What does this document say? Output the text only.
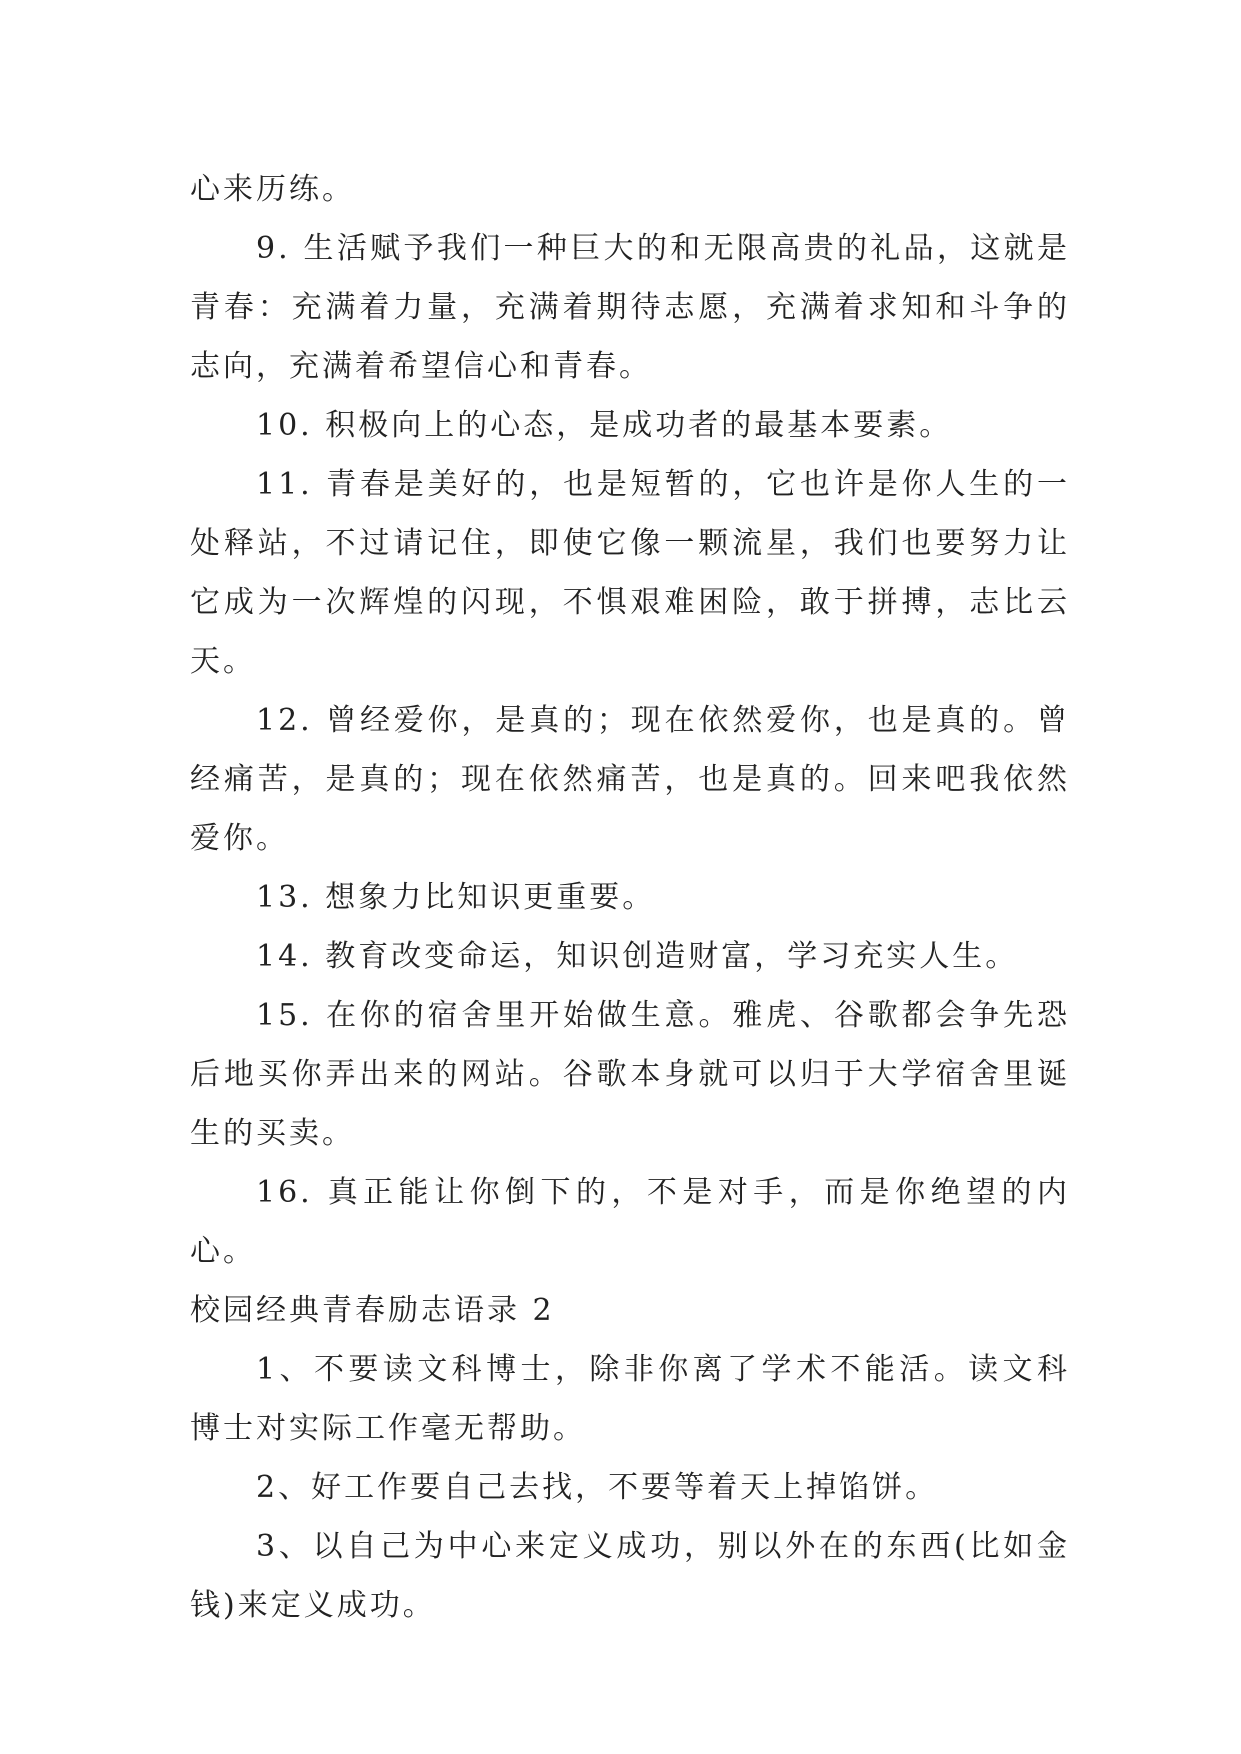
心来历练。

9. 生活赋予我们一种巨大的和无限高贵的礼品，这就是青春：充满着力量，充满着期待志愿，充满着求知和斗争的志向，充满着希望信心和青春。

10. 积极向上的心态，是成功者的最基本要素。

11. 青春是美好的，也是短暂的，它也许是你人生的一处释站，不过请记住，即使它像一颗流星，我们也要努力让它成为一次辉煌的闪现，不惧艰难困险，敢于拼搏，志比云天。

12. 曾经爱你，是真的；现在依然爱你，也是真的。曾经痛苦，是真的；现在依然痛苦，也是真的。回来吧我依然爱你。

13. 想象力比知识更重要。

14. 教育改变命运，知识创造财富，学习充实人生。

15. 在你的宿舍里开始做生意。雅虎、谷歌都会争先恐后地买你弄出来的网站。谷歌本身就可以归于大学宿舍里诞生的买卖。

16. 真正能让你倒下的，不是对手，而是你绝望的内心。

校园经典青春励志语录 2

1、不要读文科博士，除非你离了学术不能活。读文科博士对实际工作毫无帮助。

2、好工作要自己去找，不要等着天上掉馅饼。

3、以自己为中心来定义成功，别以外在的东西(比如金钱)来定义成功。
